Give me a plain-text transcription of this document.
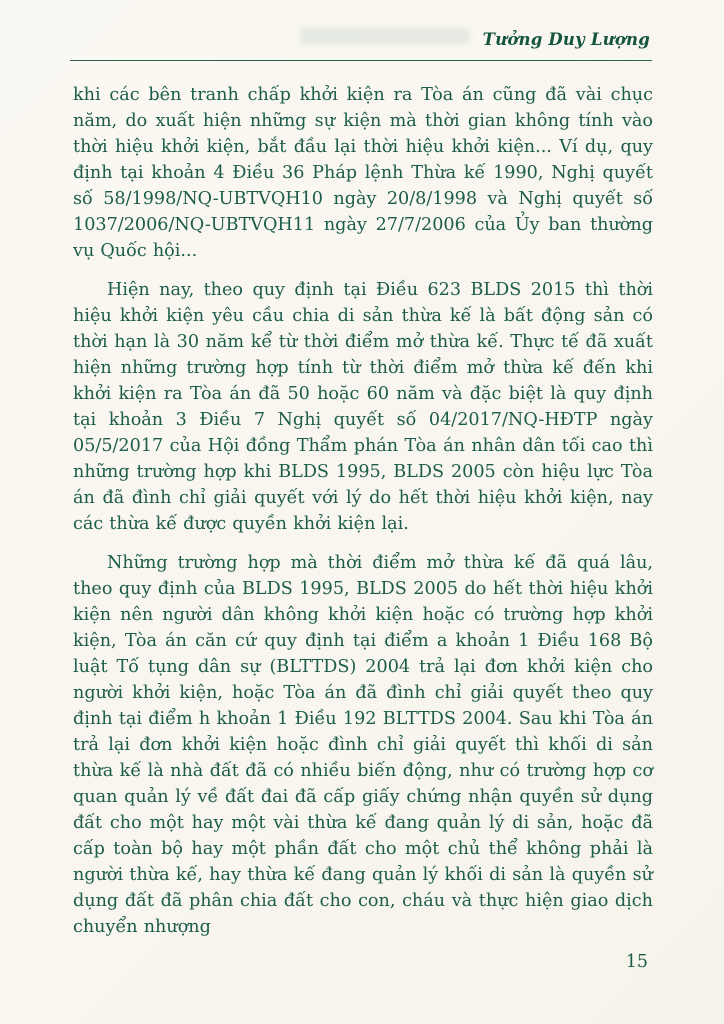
Tưởng Duy Lượng

khi các bên tranh chấp khởi kiện ra Tòa án cũng đã vài chục năm, do xuất hiện những sự kiện mà thời gian không tính vào thời hiệu khởi kiện, bắt đầu lại thời hiệu khởi kiện... Ví dụ, quy định tại khoản 4 Điều 36 Pháp lệnh Thừa kế 1990, Nghị quyết số 58/1998/NQ-UBTVQH10 ngày 20/8/1998 và Nghị quyết số 1037/2006/NQ-UBTVQH11 ngày 27/7/2006 của Ủy ban thường vụ Quốc hội...

Hiện nay, theo quy định tại Điều 623 BLDS 2015 thì thời hiệu khởi kiện yêu cầu chia di sản thừa kế là bất động sản có thời hạn là 30 năm kể từ thời điểm mở thừa kế. Thực tế đã xuất hiện những trường hợp tính từ thời điểm mở thừa kế đến khi khởi kiện ra Tòa án đã 50 hoặc 60 năm và đặc biệt là quy định tại khoản 3 Điều 7 Nghị quyết số 04/2017/NQ-HĐTP ngày 05/5/2017 của Hội đồng Thẩm phán Tòa án nhân dân tối cao thì những trường hợp khi BLDS 1995, BLDS 2005 còn hiệu lực Tòa án đã đình chỉ giải quyết với lý do hết thời hiệu khởi kiện, nay các thừa kế được quyền khởi kiện lại.

Những trường hợp mà thời điểm mở thừa kế đã quá lâu, theo quy định của BLDS 1995, BLDS 2005 do hết thời hiệu khởi kiện nên người dân không khởi kiện hoặc có trường hợp khởi kiện, Tòa án căn cứ quy định tại điểm a khoản 1 Điều 168 Bộ luật Tố tụng dân sự (BLTTDS) 2004 trả lại đơn khởi kiện cho người khởi kiện, hoặc Tòa án đã đình chỉ giải quyết theo quy định tại điểm h khoản 1 Điều 192 BLTTDS 2004. Sau khi Tòa án trả lại đơn khởi kiện hoặc đình chỉ giải quyết thì khối di sản thừa kế là nhà đất đã có nhiều biến động, như có trường hợp cơ quan quản lý về đất đai đã cấp giấy chứng nhận quyền sử dụng đất cho một hay một vài thừa kế đang quản lý di sản, hoặc đã cấp toàn bộ hay một phần đất cho một chủ thể không phải là người thừa kế, hay thừa kế đang quản lý khối di sản là quyền sử dụng đất đã phân chia đất cho con, cháu và thực hiện giao dịch chuyển nhượng

15
